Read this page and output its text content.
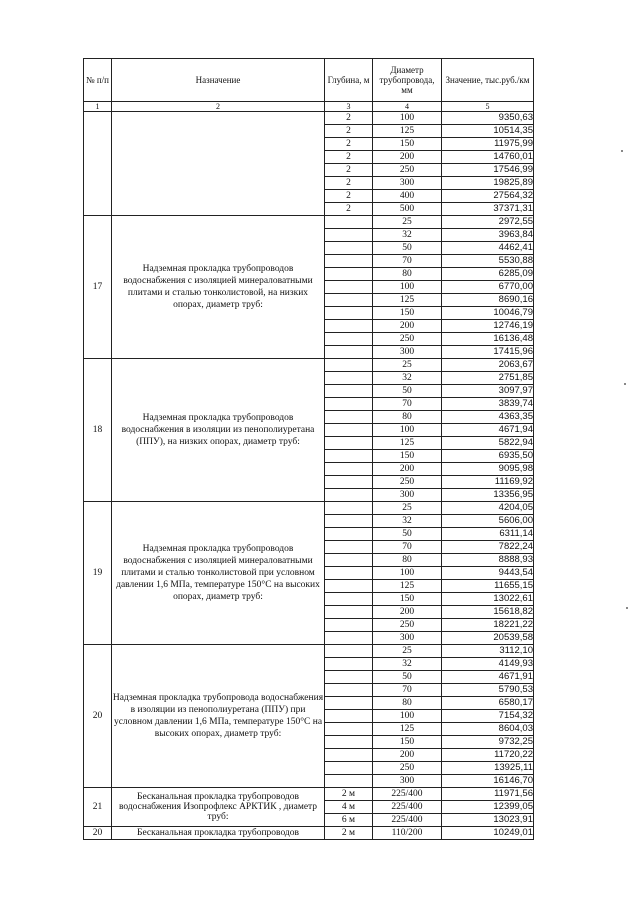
№ п/п	Назначение	Глубина, м	Диаметр трубопровода, мм	Значение, тыс.руб./км
1	2	3	4	5
		2	100	9350,63
		2	125	10514,35
		2	150	11975,99
		2	200	14760,01
		2	250	17546,99
		2	300	19825,89
		2	400	27564,32
		2	500	37371,31
17	Надземная прокладка трубопроводов водоснабжения с изоляцией минераловатными плитами и сталью тонколистовой, на низких опорах, диаметр труб:		25	2972,55
			32	3963,84
			50	4462,41
			70	5530,88
			80	6285,09
			100	6770,00
			125	8690,16
			150	10046,79
			200	12746,19
			250	16136,48
			300	17415,96
18	Надземная прокладка трубопроводов водоснабжения в изоляции из пенополиуретана (ППУ), на низких опорах, диаметр труб:		25	2063,67
			32	2751,85
			50	3097,97
			70	3839,74
			80	4363,35
			100	4671,94
			125	5822,94
			150	6935,50
			200	9095,98
			250	11169,92
			300	13356,95
19	Надземная прокладка трубопроводов водоснабжения с изоляцией минераловатными плитами и сталью тонколистовой при условном давлении 1,6 МПа, температуре 150°С на высоких опорах, диаметр труб:		25	4204,05
			32	5606,00
			50	6311,14
			70	7822,24
			80	8888,93
			100	9443,54
			125	11655,15
			150	13022,61
			200	15618,82
			250	18221,22
			300	20539,58
20	Надземная прокладка трубопровода водоснабжения в изоляции из пенополиуретана (ППУ) при условном давлении 1,6 МПа, температуре 150°С на высоких опорах, диаметр труб:		25	3112,10
			32	4149,93
			50	4671,91
			70	5790,53
			80	6580,17
			100	7154,32
			125	8604,03
			150	9732,25
			200	11720,22
			250	13925,11
			300	16146,70
21	Бесканальная прокладка трубопроводов водоснабжения Изопрофлекс АРКТИК , диаметр труб:	2 м	225/400	11971,56
		4 м	225/400	12399,05
		6 м	225/400	13023,91
20	Бесканальная прокладка трубопроводов	2 м	110/200	10249,01
